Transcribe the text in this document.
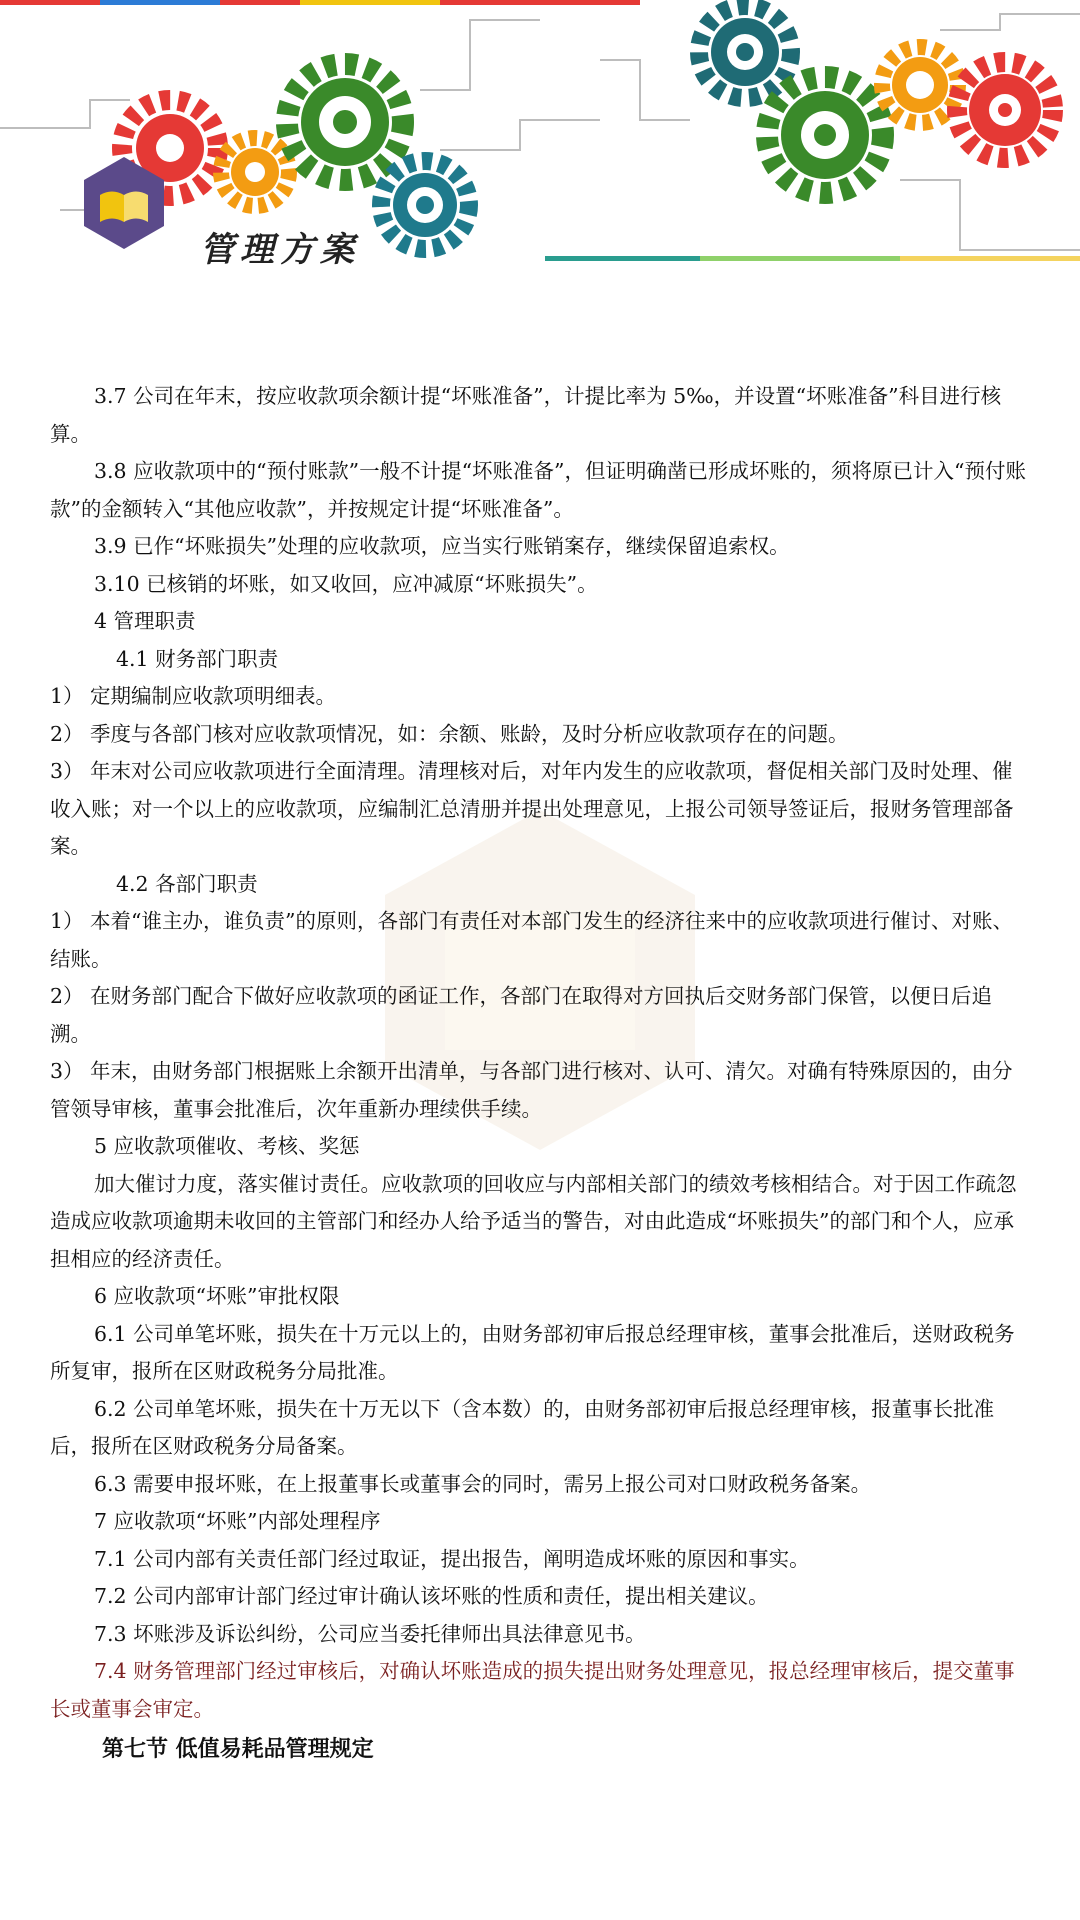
管理方案

3.7 公司在年末，按应收款项余额计提“坏账准备”，计提比率为 5‰，并设置“坏账准备”科目进行核算。

3.8 应收款项中的“预付账款”一般不计提“坏账准备”，但证明确凿已形成坏账的，须将原已计入“预付账款”的金额转入“其他应收款”，并按规定计提“坏账准备”。

3.9 已作“坏账损失”处理的应收款项，应当实行账销案存，继续保留追索权。

3.10 已核销的坏账，如又收回，应冲减原“坏账损失”。

4 管理职责

4.1 财务部门职责

1） 定期编制应收款项明细表。

2） 季度与各部门核对应收款项情况，如：余额、账龄，及时分析应收款项存在的问题。

3） 年末对公司应收款项进行全面清理。清理核对后，对年内发生的应收款项，督促相关部门及时处理、催收入账；对一个以上的应收款项，应编制汇总清册并提出处理意见，上报公司领导签证后，报财务管理部备案。

4.2 各部门职责

1） 本着“谁主办，谁负责”的原则，各部门有责任对本部门发生的经济往来中的应收款项进行催讨、对账、结账。

2） 在财务部门配合下做好应收款项的函证工作，各部门在取得对方回执后交财务部门保管，以便日后追溯。

3） 年末，由财务部门根据账上余额开出清单，与各部门进行核对、认可、清欠。对确有特殊原因的，由分管领导审核，董事会批准后，次年重新办理续供手续。

5 应收款项催收、考核、奖惩

加大催讨力度，落实催讨责任。应收款项的回收应与内部相关部门的绩效考核相结合。对于因工作疏忽造成应收款项逾期未收回的主管部门和经办人给予适当的警告，对由此造成“坏账损失”的部门和个人，应承担相应的经济责任。

6 应收款项“坏账”审批权限

6.1 公司单笔坏账，损失在十万元以上的，由财务部初审后报总经理审核，董事会批准后，送财政税务所复审，报所在区财政税务分局批准。

6.2 公司单笔坏账，损失在十万无以下（含本数）的，由财务部初审后报总经理审核，报董事长批准后，报所在区财政税务分局备案。

6.3 需要申报坏账，在上报董事长或董事会的同时，需另上报公司对口财政税务备案。

7 应收款项“坏账”内部处理程序

7.1 公司内部有关责任部门经过取证，提出报告，阐明造成坏账的原因和事实。

7.2 公司内部审计部门经过审计确认该坏账的性质和责任，提出相关建议。

7.3 坏账涉及诉讼纠纷，公司应当委托律师出具法律意见书。

7.4 财务管理部门经过审核后，对确认坏账造成的损失提出财务处理意见，报总经理审核后，提交董事长或董事会审定。

第七节 低值易耗品管理规定
